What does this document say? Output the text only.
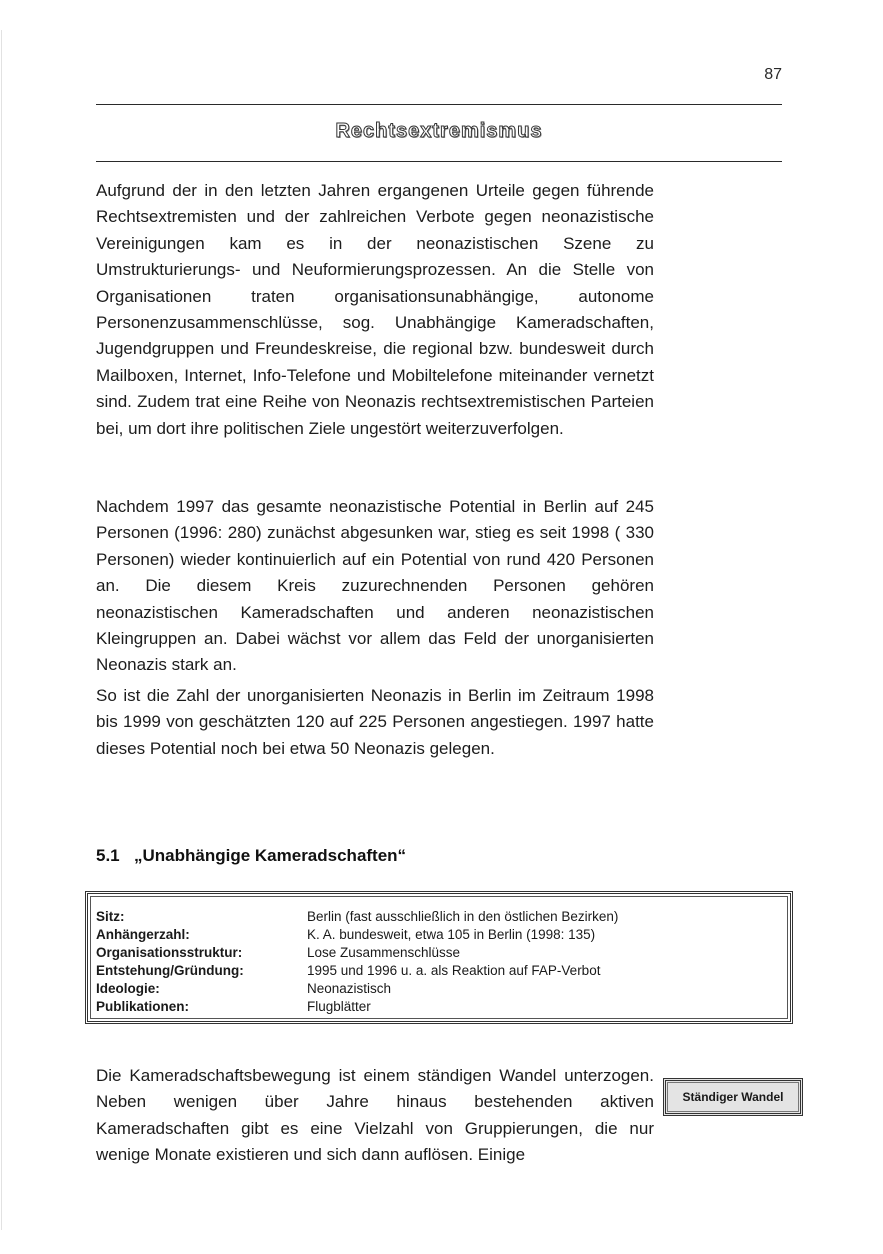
87
Rechtsextremismus

Aufgrund der in den letzten Jahren ergangenen Urteile gegen führende Rechtsextremisten und der zahlreichen Verbote gegen neonazistische Vereinigungen kam es in der neonazistischen Szene zu Umstrukturierungs- und Neuformierungsprozessen. An die Stelle von Organisationen traten organisationsunabhängige, autonome Personenzusammenschlüsse, sog. Unabhängige Kameradschaften, Jugendgruppen und Freundeskreise, die regional bzw. bundesweit durch Mailboxen, Internet, Info-Telefone und Mobiltelefone miteinander vernetzt sind. Zudem trat eine Reihe von Neonazis rechtsextremistischen Parteien bei, um dort ihre politischen Ziele ungestört weiterzuverfolgen.

Nachdem 1997 das gesamte neonazistische Potential in Berlin auf 245 Personen (1996: 280) zunächst abgesunken war, stieg es seit 1998 ( 330 Personen) wieder kontinuierlich auf ein Potential von rund 420 Personen an. Die diesem Kreis zuzurechnenden Personen gehören neonazistischen Kameradschaften und anderen neonazistischen Kleingruppen an. Dabei wächst vor allem das Feld der unorganisierten Neonazis stark an.

So ist die Zahl der unorganisierten Neonazis in Berlin im Zeitraum 1998 bis 1999 von geschätzten 120 auf 225 Personen angestiegen. 1997 hatte dieses Potential noch bei etwa 50 Neonazis gelegen.

5.1 „Unabhängige Kameradschaften“
Sitz:	Berlin (fast ausschließlich in den östlichen Bezirken)
Anhängerzahl:	K. A. bundesweit, etwa 105 in Berlin (1998: 135)
Organisationsstruktur:	Lose Zusammenschlüsse
Entstehung/Gründung:	1995 und 1996 u. a. als Reaktion auf FAP-Verbot
Ideologie:	Neonazistisch
Publikationen:	Flugblätter

Die Kameradschaftsbewegung ist einem ständigen Wandel unterzogen. Neben wenigen über Jahre hinaus bestehenden aktiven Kameradschaften gibt es eine Vielzahl von Gruppierungen, die nur wenige Monate existieren und sich dann auflösen. Einige

Ständiger Wandel
